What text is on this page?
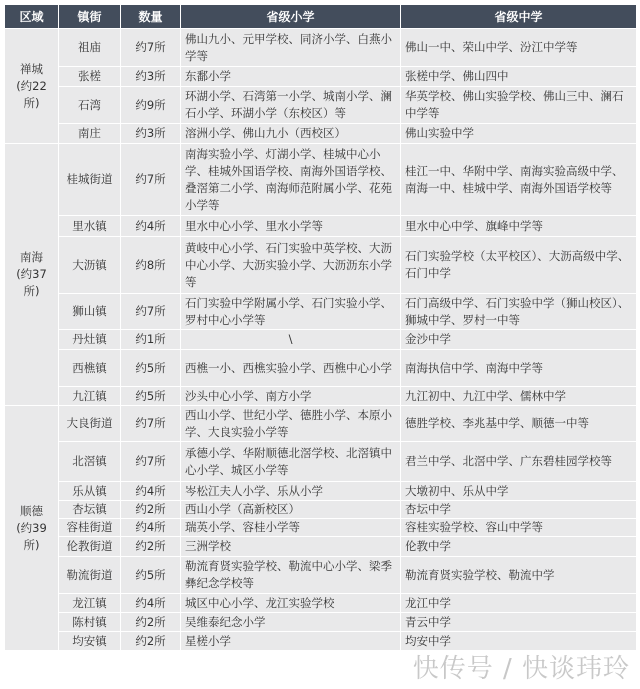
区域	镇街	数量	省级小学	省级中学
禅城
(约22所)	祖庙	约7所	佛山九小、元甲学校、同济小学、白燕小学等	佛山一中、荣山中学、汾江中学等
	张槎	约3所	东鄱小学	张槎中学、佛山四中
	石湾	约9所	环湖小学、石湾第一小学、城南小学、澜石小学、环湖小学（东校区）等	华英学校、佛山实验学校、佛山三中、澜石中学等
	南庄	约3所	溶洲小学、佛山九小（西校区）	佛山实验中学
南海
(约37所)	桂城街道	约7所	南海实验小学、灯湖小学、桂城中心小学、桂城外国语学校、南海外国语学校、叠滘第二小学、南海师范附属小学、花苑小学等	桂江一中、华附中学、南海实验高级中学、南海一中、桂城中学、南海外国语学校等
	里水镇	约4所	里水中心小学、里水小学等	里水中心中学、旗峰中学等
	大沥镇	约8所	黄岐中心小学、石门实验中英学校、大沥中心小学、大沥实验小学、大沥沥东小学等	石门实验学校（太平校区）、大沥高级中学、石门中学
	狮山镇	约7所	石门实验中学附属小学、石门实验小学、罗村中心小学等	石门高级中学、石门实验中学（狮山校区）、狮城中学、罗村一中等
	丹灶镇	约1所	\	金沙中学
	西樵镇	约5所	西樵一小、西樵实验小学、西樵中心小学	南海执信中学、南海中学等
	九江镇	约5所	沙头中心小学、南方小学	九江初中、九江中学、儒林中学
顺德
(约39所)	大良街道	约7所	西山小学、世纪小学、德胜小学、本原小学、大良实验小学等	德胜学校、李兆基中学、顺德一中等
	北滘镇	约7所	承德小学、华附顺德北滘学校、北滘镇中心小学、城区小学等	君兰中学、北滘中学、广东碧桂园学校等
	乐从镇	约4所	岑松江夫人小学、乐从小学	大墩初中、乐从中学
	杏坛镇	约2所	西山小学（高新校区）	杏坛中学
	容桂街道	约4所	瑞英小学、容桂小学等	容桂实验学校、容山中学等
	伦教街道	约2所	三洲学校	伦教中学
	勒流街道	约5所	勒流育贤实验学校、勒流中心小学、梁季彝纪念学校等	勒流育贤实验学校、勒流中学
	龙江镇	约4所	城区中心小学、龙江实验学校	龙江中学
	陈村镇	约2所	吴维泰纪念小学	青云中学
	均安镇	约2所	星槎小学	均安中学
快传号 / 快谈玮玲
